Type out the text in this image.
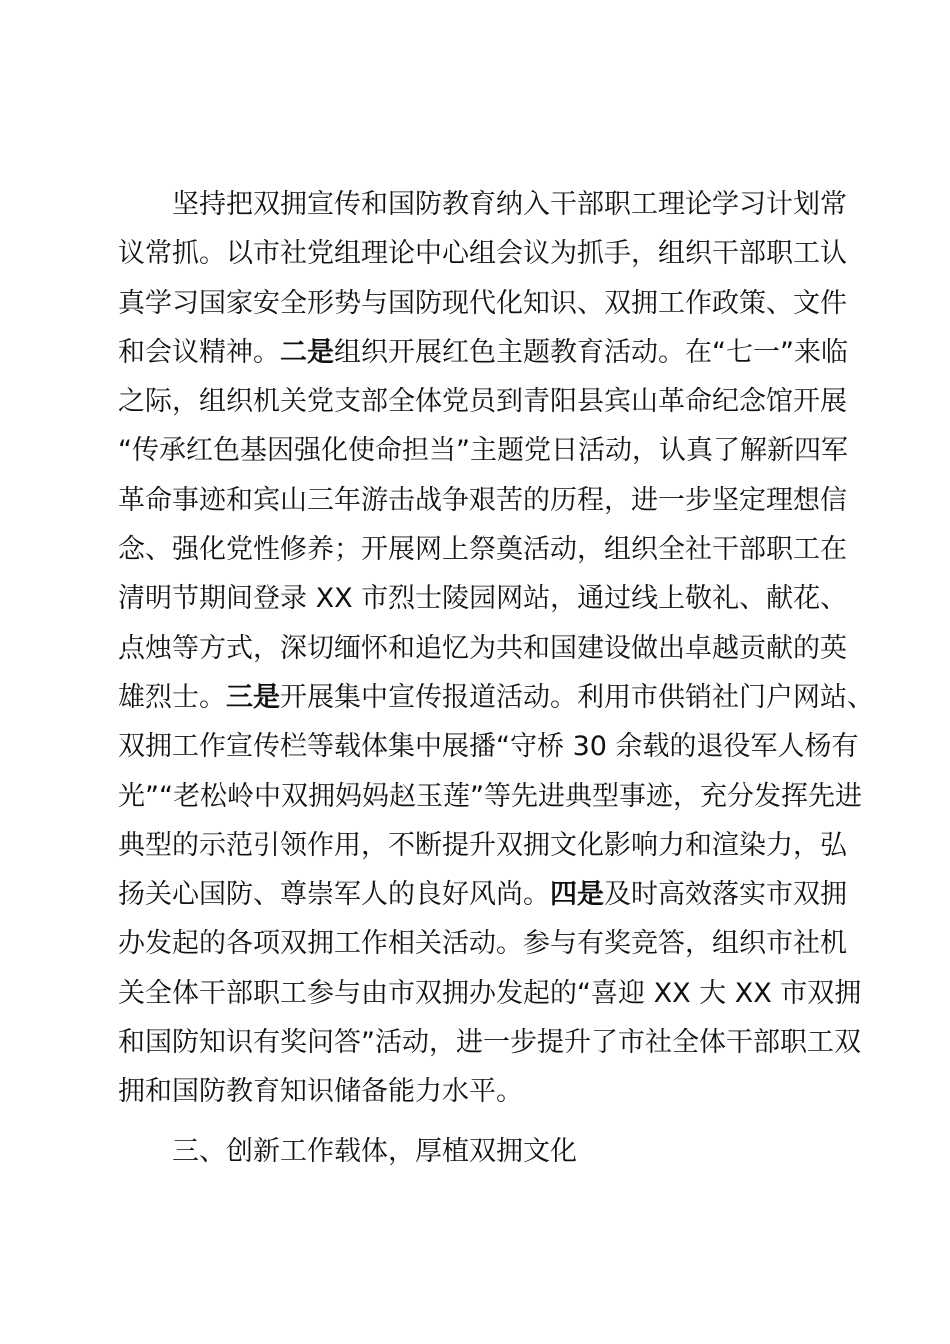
坚持把双拥宣传和国防教育纳入干部职工理论学习计划常
议常抓。以市社党组理论中心组会议为抓手，组织干部职工认
真学习国家安全形势与国防现代化知识、双拥工作政策、文件
和会议精神。二是组织开展红色主题教育活动。在“七一”来临
之际，组织机关党支部全体党员到青阳县宾山革命纪念馆开展
“传承红色基因强化使命担当”主题党日活动，认真了解新四军
革命事迹和宾山三年游击战争艰苦的历程，进一步坚定理想信
念、强化党性修养；开展网上祭奠活动，组织全社干部职工在
清明节期间登录 XX 市烈士陵园网站，通过线上敬礼、献花、
点烛等方式，深切缅怀和追忆为共和国建设做出卓越贡献的英
雄烈士。三是开展集中宣传报道活动。利用市供销社门户网站、
双拥工作宣传栏等载体集中展播“守桥 30 余载的退役军人杨有
光”“老松岭中双拥妈妈赵玉莲”等先进典型事迹，充分发挥先进
典型的示范引领作用，不断提升双拥文化影响力和渲染力，弘
扬关心国防、尊崇军人的良好风尚。四是及时高效落实市双拥
办发起的各项双拥工作相关活动。参与有奖竞答，组织市社机
关全体干部职工参与由市双拥办发起的“喜迎 XX 大 XX 市双拥
和国防知识有奖问答”活动，进一步提升了市社全体干部职工双
拥和国防教育知识储备能力水平。
三、创新工作载体，厚植双拥文化
